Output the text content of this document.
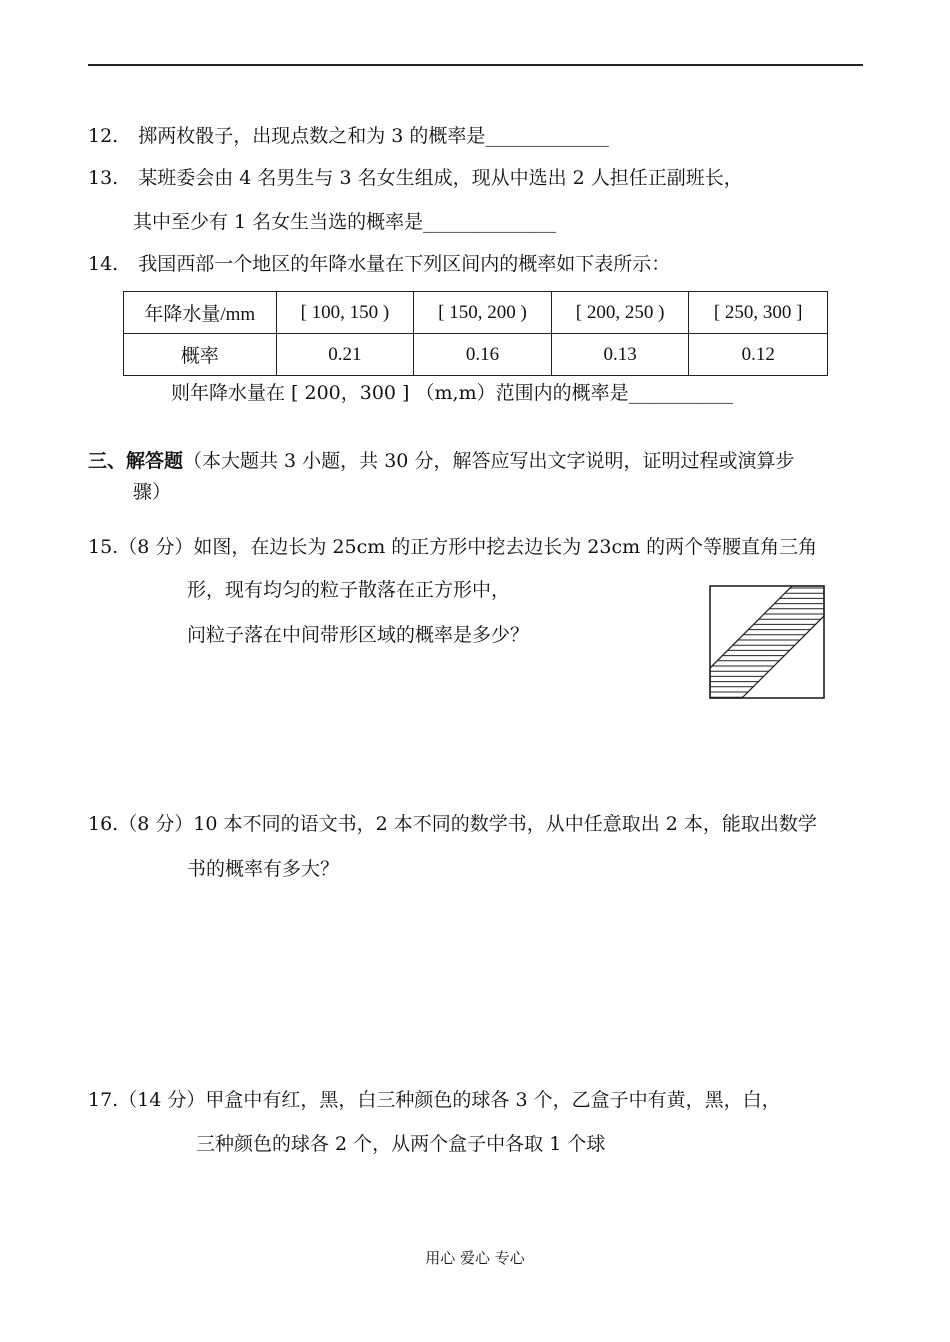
12. 掷两枚骰子，出现点数之和为 3 的概率是_____________
13. 某班委会由 4 名男生与 3 名女生组成，现从中选出 2 人担任正副班长，
其中至少有 1 名女生当选的概率是______________
14. 我国西部一个地区的年降水量在下列区间内的概率如下表所示：
年降水量/mm	[ 100, 150 )	[ 150, 200 )	[ 200, 250 )	[ 250, 300 ]
概率	0.21	0.16	0.13	0.12
则年降水量在 [ 200，300 ] （m,m）范围内的概率是___________
三、解答题（本大题共 3 小题，共 30 分，解答应写出文字说明，证明过程或演算步
骤）
15.（8 分）如图，在边长为 25cm 的正方形中挖去边长为 23cm 的两个等腰直角三角
形，现有均匀的粒子散落在正方形中，
问粒子落在中间带形区域的概率是多少？
16.（8 分）10 本不同的语文书，2 本不同的数学书，从中任意取出 2 本，能取出数学
书的概率有多大？
17.（14 分）甲盒中有红，黑，白三种颜色的球各 3 个，乙盒子中有黄，黑，白，
三种颜色的球各 2 个，从两个盒子中各取 1 个球
用心 爱心 专心
